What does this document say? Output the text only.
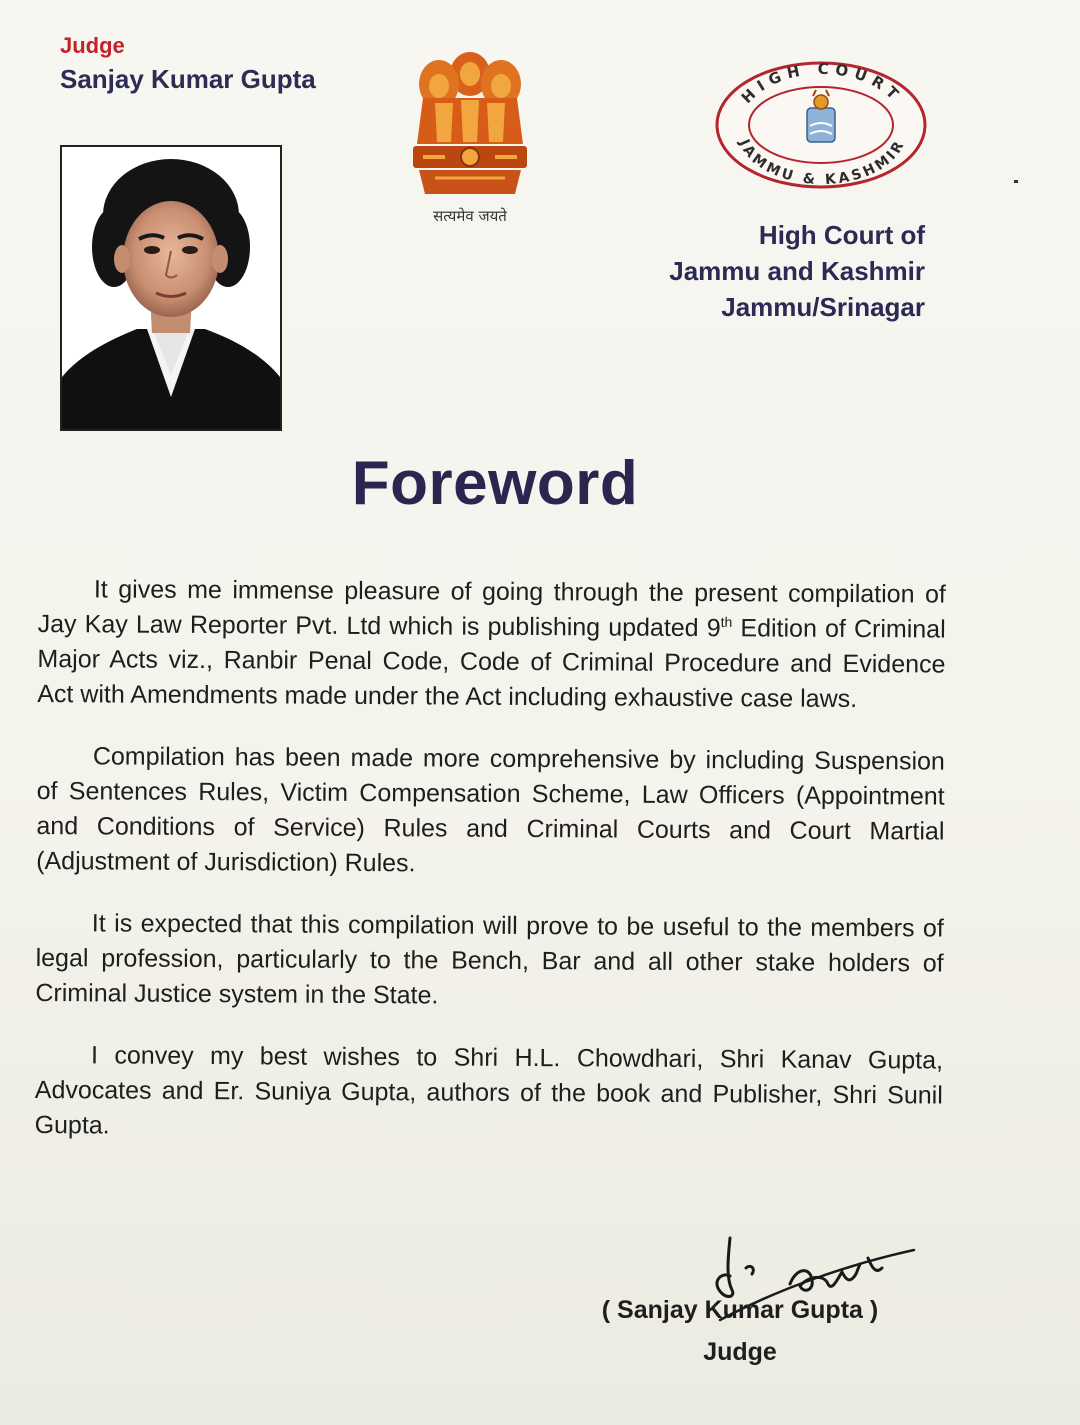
Judge
Sanjay Kumar Gupta
सत्यमेव जयते
HIGH COURT
JAMMU & KASHMIR
High Court of
Jammu and Kashmir
Jammu/Srinagar
Foreword

It gives me immense pleasure of going through the present compilation of Jay Kay Law Reporter Pvt. Ltd which is publishing updated 9th Edition of Criminal Major Acts viz., Ranbir Penal Code, Code of Criminal Procedure and Evidence Act with Amendments made under the Act including exhaustive case laws.

Compilation has been made more comprehensive by including Suspension of Sentences Rules, Victim Compensation Scheme, Law Officers (Appointment and Conditions of Service) Rules and Criminal Courts and Court Martial (Adjustment of Jurisdiction) Rules.

It is expected that this compilation will prove to be useful to the members of legal profession, particularly to the Bench, Bar and all other stake holders of Criminal Justice system in the State.

I convey my best wishes to Shri H.L. Chowdhari, Shri Kanav Gupta, Advocates and Er. Suniya Gupta, authors of the book and Publisher, Shri Sunil Gupta.

( Sanjay Kumar Gupta )
Judge
